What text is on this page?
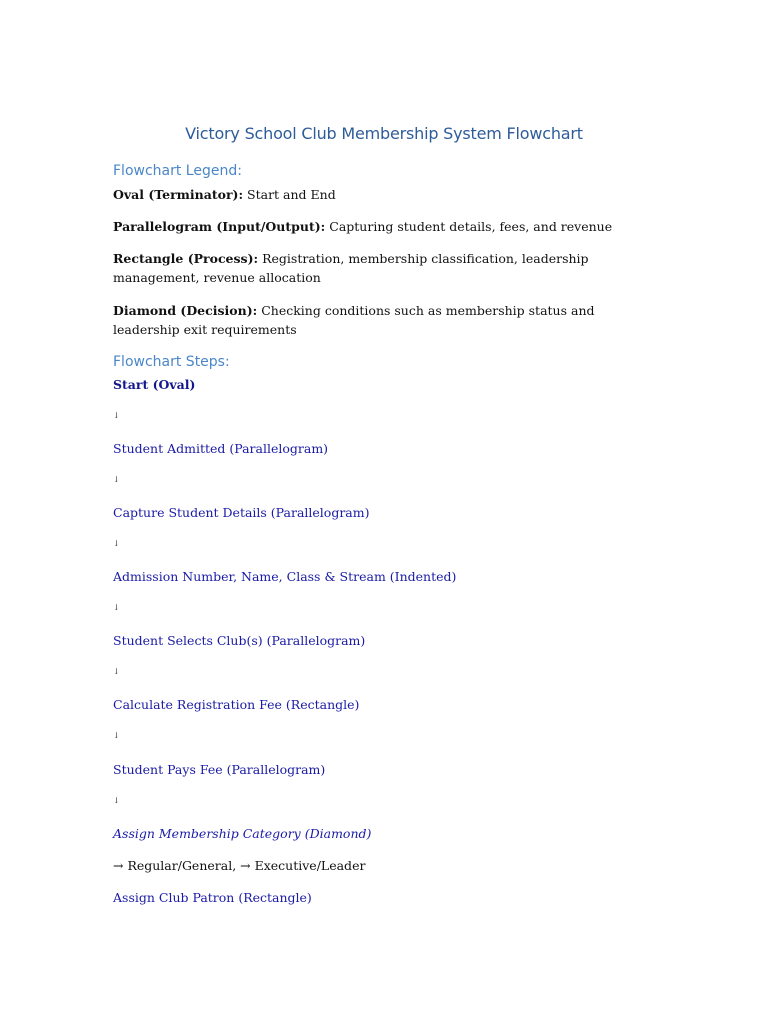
Victory School Club Membership System Flowchart
Flowchart Legend:
Oval (Terminator): Start and End
Parallelogram (Input/Output): Capturing student details, fees, and revenue
Rectangle (Process): Registration, membership classification, leadership management, revenue allocation
Diamond (Decision): Checking conditions such as membership status and leadership exit requirements
Flowchart Steps:
Start (Oval)
↓
Student Admitted (Parallelogram)
↓
Capture Student Details (Parallelogram)
↓
Admission Number, Name, Class & Stream (Indented)
↓
Student Selects Club(s) (Parallelogram)
↓
Calculate Registration Fee (Rectangle)
↓
Student Pays Fee (Parallelogram)
↓
Assign Membership Category (Diamond)
→ Regular/General, → Executive/Leader
Assign Club Patron (Rectangle)
